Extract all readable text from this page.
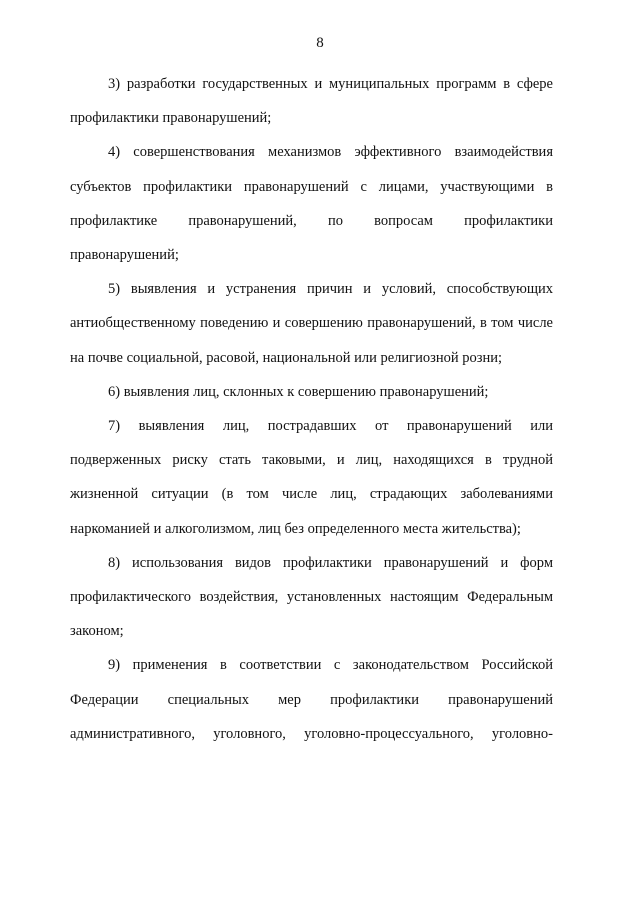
8

3) разработки государственных и муниципальных программ в сфере профилактики правонарушений;

4) совершенствования механизмов эффективного взаимодействия субъектов профилактики правонарушений с лицами, участвующими в профилактике правонарушений, по вопросам профилактики правонарушений;

5) выявления и устранения причин и условий, способствующих антиобщественному поведению и совершению правонарушений, в том числе на почве социальной, расовой, национальной или религиозной розни;

6) выявления лиц, склонных к совершению правонарушений;

7) выявления лиц, пострадавших от правонарушений или подверженных риску стать таковыми, и лиц, находящихся в трудной жизненной ситуации (в том числе лиц, страдающих заболеваниями наркоманией и алкоголизмом, лиц без определенного места жительства);

8) использования видов профилактики правонарушений и форм профилактического воздействия, установленных настоящим Федеральным законом;

9) применения в соответствии с законодательством Российской Федерации специальных мер профилактики правонарушений административного, уголовного, уголовно-процессуального, уголовно-
